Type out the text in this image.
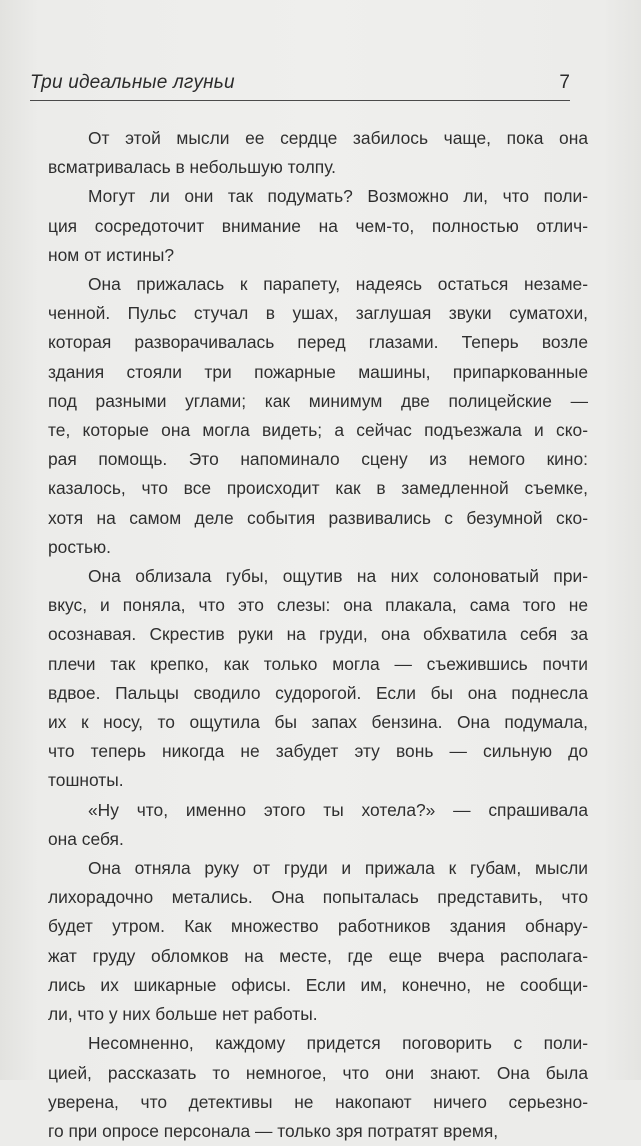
Три идеальные лгуньи	7

От этой мысли ее сердце забилось чаще, пока она
всматривалась в небольшую толпу.

Могут ли они так подумать? Возможно ли, что поли-
ция сосредоточит внимание на чем-то, полностью отлич-
ном от истины?

Она прижалась к парапету, надеясь остаться незаме-
ченной. Пульс стучал в ушах, заглушая звуки суматохи,
которая разворачивалась перед глазами. Теперь возле
здания стояли три пожарные машины, припаркованные
под разными углами; как минимум две полицейские —
те, которые она могла видеть; а сейчас подъезжала и ско-
рая помощь. Это напоминало сцену из немого кино:
казалось, что все происходит как в замедленной съемке,
хотя на самом деле события развивались с безумной ско-
ростью.

Она облизала губы, ощутив на них солоноватый при-
вкус, и поняла, что это слезы: она плакала, сама того не
осознавая. Скрестив руки на груди, она обхватила себя за
плечи так крепко, как только могла — съежившись почти
вдвое. Пальцы сводило судорогой. Если бы она поднесла
их к носу, то ощутила бы запах бензина. Она подумала,
что теперь никогда не забудет эту вонь — сильную до
тошноты.

«Ну что, именно этого ты хотела?» — спрашивала
она себя.

Она отняла руку от груди и прижала к губам, мысли
лихорадочно метались. Она попыталась представить, что
будет утром. Как множество работников здания обнару-
жат груду обломков на месте, где еще вчера располага-
лись их шикарные офисы. Если им, конечно, не сообщи-
ли, что у них больше нет работы.

Несомненно, каждому придется поговорить с поли-
цией, рассказать то немногое, что они знают. Она была
уверена, что детективы не накопают ничего серьезно-
го при опросе персонала — только зря потратят время,
